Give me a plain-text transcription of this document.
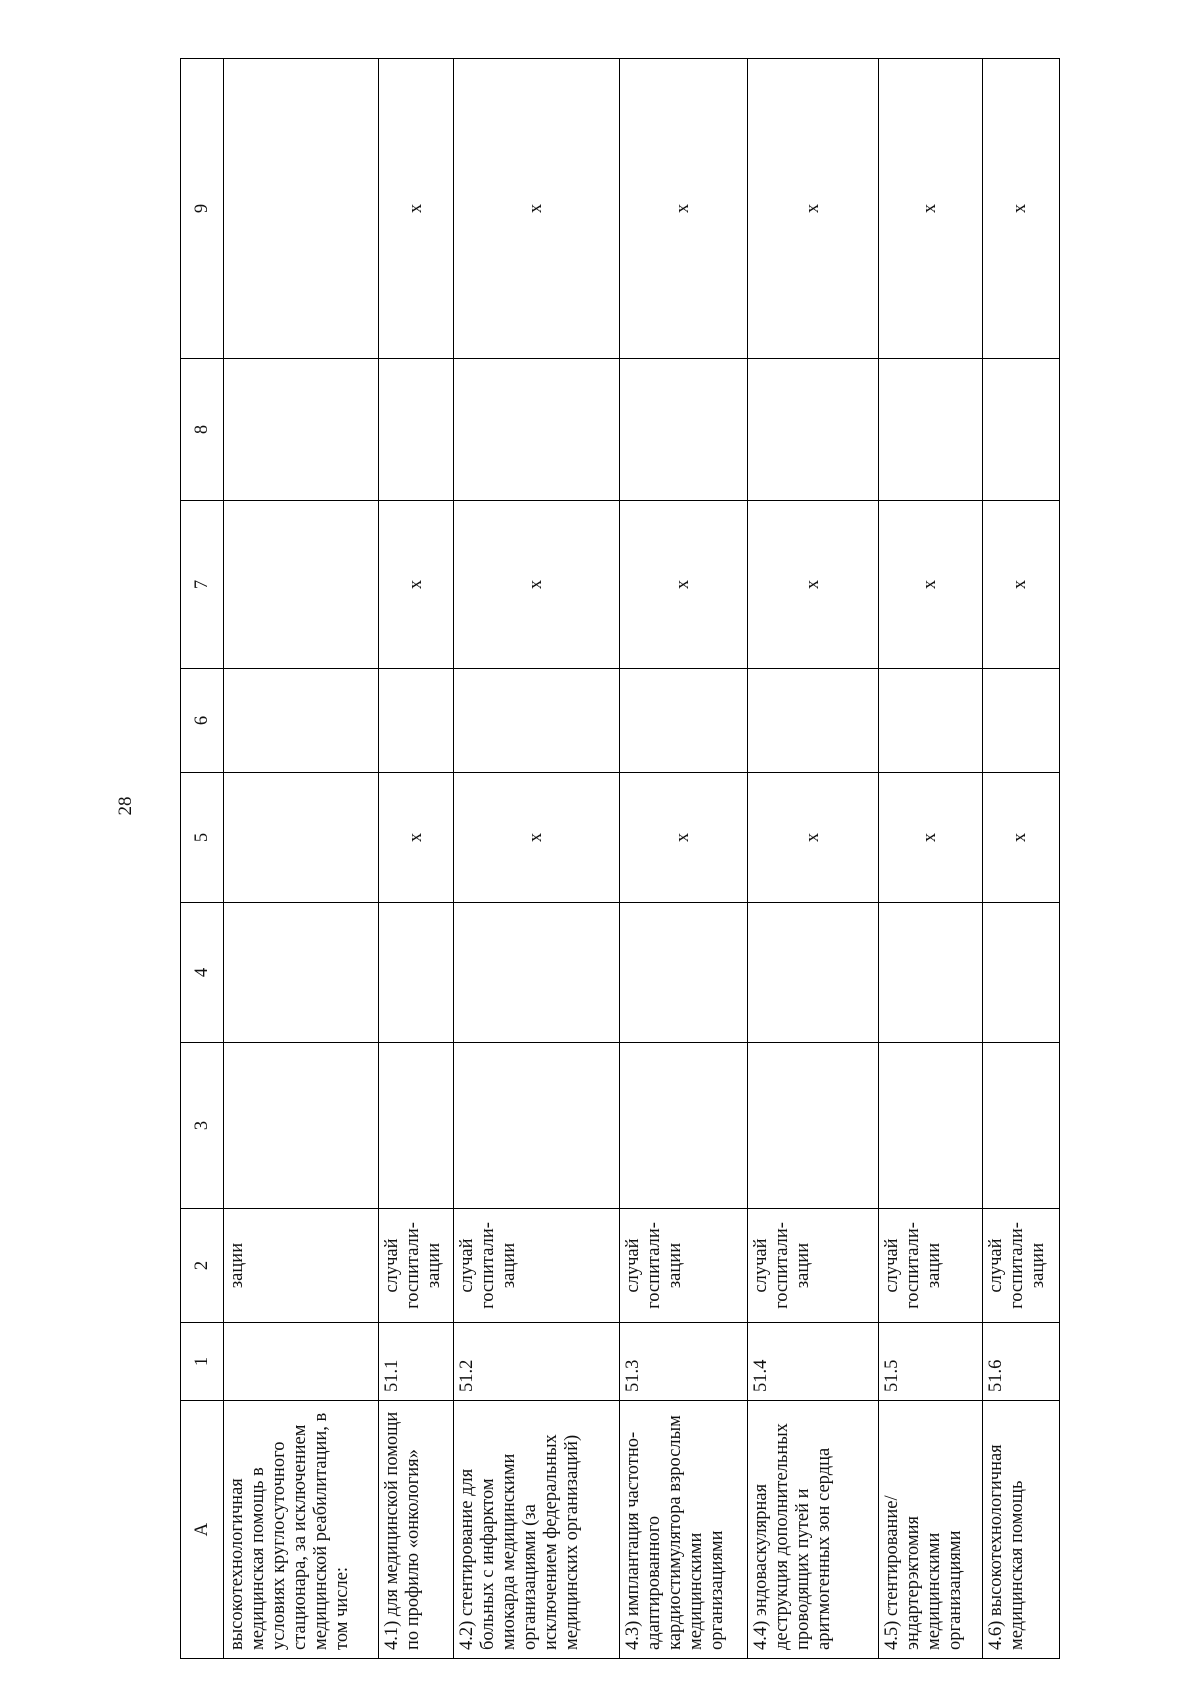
28
A	1	2	3	4	5	6	7	8	9
высокотехнологичная медицинская помощь в условиях круглосуточного стационара, за исключением медицинской реабилитации, в том числе:		зации							
4.1) для медицинской помощи по профилю «онкология»	51.1	случай госпитали-зации			x		x		x
4.2) стентирование для больных с инфарктом миокарда медицинскими организациями (за исключением федеральных медицинских организаций)	51.2	случай госпитали-зации			x		x		x
4.3) имплантация частотно-адаптированного кардиостимулятора взрослым медицинскими организациями	51.3	случай госпитали-зации			x		x		x
4.4) эндоваскулярная деструкция дополнительных проводящих путей и аритмогенных зон сердца	51.4	случай госпитали-зации			x		x		x
4.5) стентирование/ эндартерэктомия медицинскими организациями	51.5	случай госпитали-зации			x		x		x
4.6) высокотехнологичная медицинская помощь	51.6	случай госпитали-зации			x		x		x
